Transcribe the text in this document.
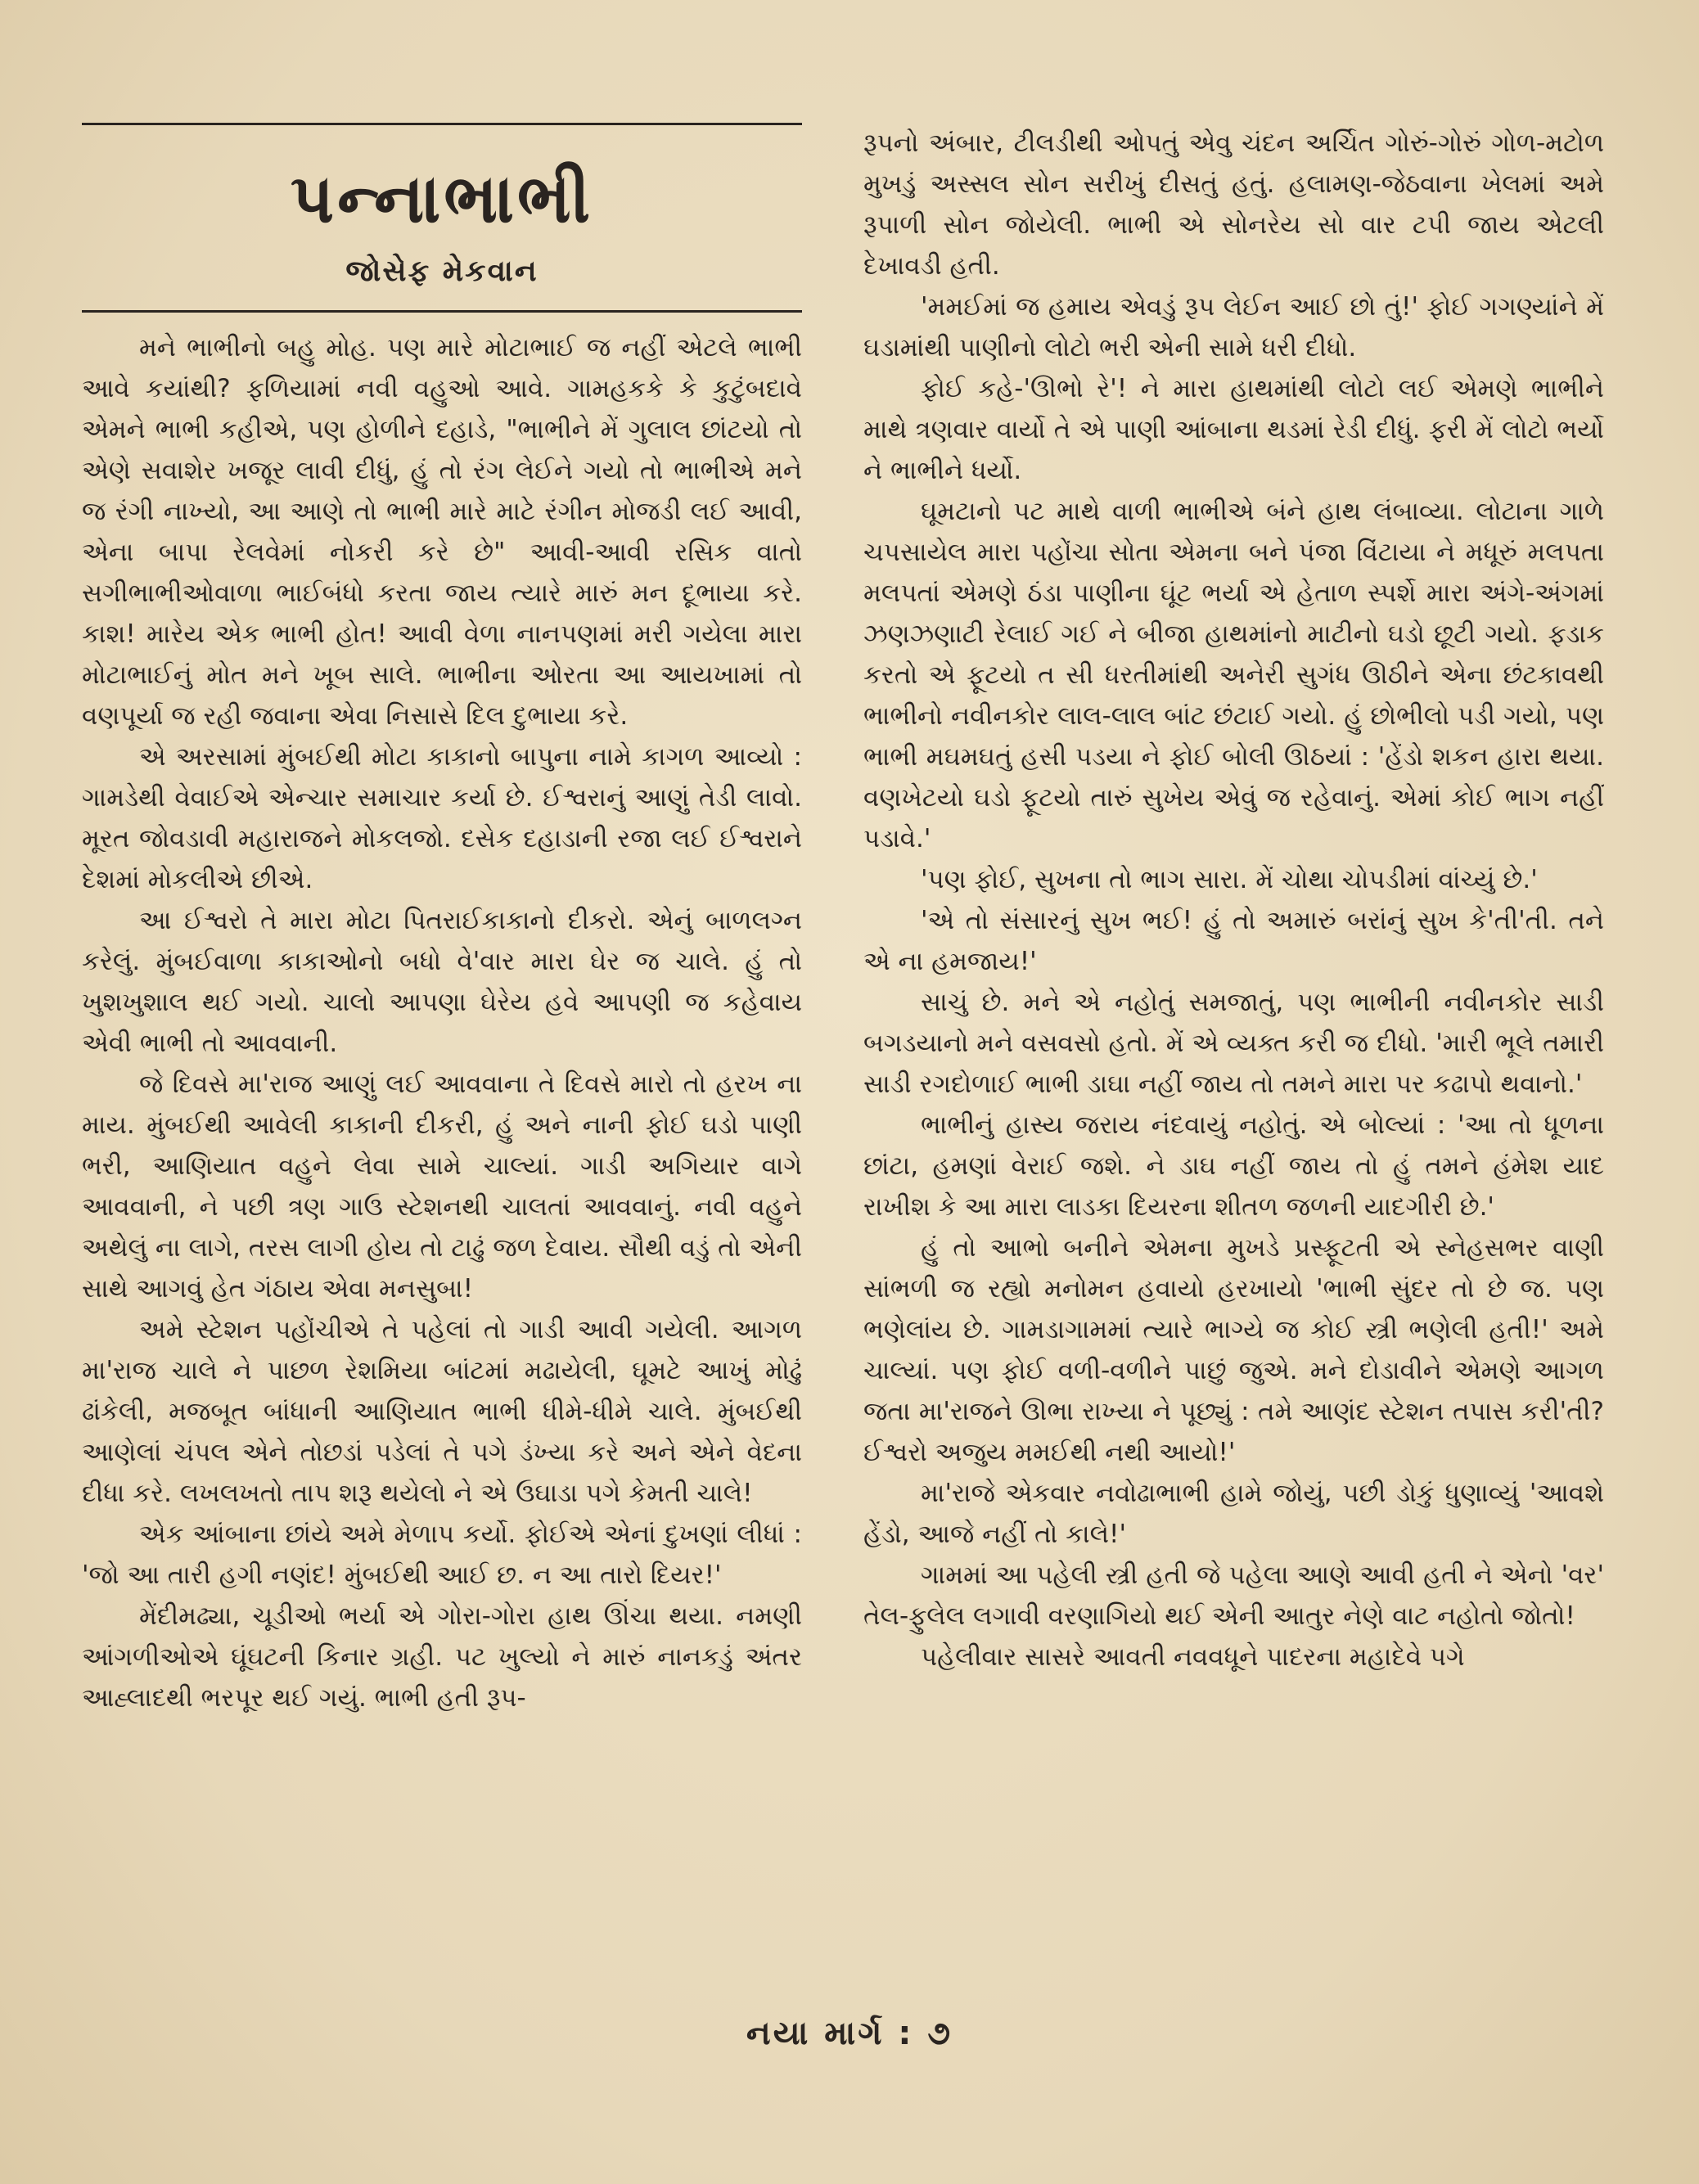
પન્નાભાભી
જોસેફ મેકવાન

મને ભાભીનો બહુ મોહ. પણ મારે મોટાભાઈ જ નહીં એટલે ભાભી આવે કયાંથી? ફળિયામાં નવી વહુઓ આવે. ગામહકકે કે કુટુંબદાવે એમને ભાભી કહીએ, પણ હોળીને દહાડે, "ભાભીને મેં ગુલાલ છાંટયો તો એણે સવાશેર ખજૂર લાવી દીધું, હું તો રંગ લેઈને ગયો તો ભાભીએ મને જ રંગી નાખ્યો, આ આણે તો ભાભી મારે માટે રંગીન મોજડી લઈ આવી, એના બાપા રેલવેમાં નોકરી કરે છે" આવી-આવી રસિક વાતો સગીભાભીઓવાળા ભાઈબંધો કરતા જાય ત્યારે મારું મન દૂભાયા કરે. કાશ! મારેય એક ભાભી હોત! આવી વેળા નાનપણમાં મરી ગયેલા મારા મોટાભાઈનું મોત મને ખૂબ સાલે. ભાભીના ઓરતા આ આયખામાં તો વણપૂર્યા જ રહી જવાના એવા નિસાસે દિલ દુભાયા કરે.

એ અરસામાં મુંબઈથી મોટા કાકાનો બાપુના નામે કાગળ આવ્યો : ગામડેથી વેવાઈએ એન્ચાર સમાચાર કર્યા છે. ઈશ્વરાનું આણું તેડી લાવો. મૂરત જોવડાવી મહારાજને મોકલજો. દસેક દહાડાની રજા લઈ ઈશ્વરાને દેશમાં મોકલીએ છીએ.

આ ઈશ્વરો તે મારા મોટા પિતરાઈકાકાનો દીકરો. એનું બાળલગ્ન કરેલું. મુંબઈવાળા કાકાઓનો બધો વે'વાર મારા ઘેર જ ચાલે. હું તો ખુશખુશાલ થઈ ગયો. ચાલો આપણા ઘેરેય હવે આપણી જ કહેવાય એવી ભાભી તો આવવાની.

જે દિવસે મા'રાજ આણું લઈ આવવાના તે દિવસે મારો તો હરખ ના માય. મુંબઈથી આવેલી કાકાની દીકરી, હું અને નાની ફોઈ ઘડો પાણી ભરી, આણિયાત વહુને લેવા સામે ચાલ્યાં. ગાડી અગિયાર વાગે આવવાની, ને પછી ત્રણ ગાઉ સ્ટેશનથી ચાલતાં આવવાનું. નવી વહુને અથેલું ના લાગે, તરસ લાગી હોય તો ટાઢું જળ દેવાય. સૌથી વડું તો એની સાથે આગવું હેત ગંઠાય એવા મનસુબા!

અમે સ્ટેશન પહોંચીએ તે પહેલાં તો ગાડી આવી ગયેલી. આગળ મા'રાજ ચાલે ને પાછળ રેશમિયા બાંટમાં મઢાયેલી, ઘૂમટે આખું મોઢું ઢાંકેલી, મજબૂત બાંધાની આણિયાત ભાભી ધીમે-ધીમે ચાલે. મુંબઈથી આણેલાં ચંપલ એને તોછડાં પડેલાં તે પગે ડંખ્યા કરે અને એને વેદના દીધા કરે. લખલખતો તાપ શરૂ થયેલો ને એ ઉઘાડા પગે કેમતી ચાલે!

એક આંબાના છાંયે અમે મેળાપ કર્યો. ફોઈએ એનાં દુખણાં લીધાં : 'જો આ તારી હગી નણંદ! મુંબઈથી આઈ છ. ન આ તારો દિયર!'

મેંદીમઢ્યા, ચૂડીઓ ભર્યા એ ગોરા-ગોરા હાથ ઊંચા થયા. નમણી આંગળીઓએ ઘૂંઘટની કિનાર ગ્રહી. પટ ખુલ્યો ને મારું નાનકડું અંતર આહ્લાદથી ભરપૂર થઈ ગયું. ભાભી હતી રૂપ-

રૂપનો અંબાર, ટીલડીથી ઓપતું એવુ ચંદન અર્ચિત ગોરું-ગોરું ગોળ-મટોળ મુખડું અસ્સલ સોન સરીખું દીસતું હતું. હલામણ-જેઠવાના ખેલમાં અમે રૂપાળી સોન જોયેલી. ભાભી એ સોનરેય સો વાર ટપી જાય એટલી દેખાવડી હતી.

'મમઈમાં જ હમાય એવડું રૂપ લેઈન આઈ છો તું!' ફોઈ ગગણ્યાંને મેં ઘડામાંથી પાણીનો લોટો ભરી એની સામે ધરી દીધો.

ફોઈ કહે-'ઊભો રે'! ને મારા હાથમાંથી લોટો લઈ એમણે ભાભીને માથે ત્રણવાર વાર્યો તે એ પાણી આંબાના થડમાં રેડી દીધું. ફરી મેં લોટો ભર્યો ને ભાભીને ધર્યો.

ઘૂમટાનો પટ માથે વાળી ભાભીએ બંને હાથ લંબાવ્યા. લોટાના ગાળે ચપસાયેલ મારા પહોંચા સોતા એમના બને પંજા વિંટાયા ને મધૂરું મલપતા મલપતાં એમણે ઠંડા પાણીના ઘૂંટ ભર્યા એ હેતાળ સ્પર્શે મારા અંગે-અંગમાં ઝણઝણાટી રેલાઈ ગઈ ને બીજા હાથમાંનો માટીનો ઘડો છૂટી ગયો. ફડાક કરતો એ ફૂટયો ત સી ધરતીમાંથી અનેરી સુગંધ ઊઠીને એના છંટકાવથી ભાભીનો નવીનકોર લાલ-લાલ બાંટ છંટાઈ ગયો. હું છોભીલો પડી ગયો, પણ ભાભી મઘમઘતું હસી પડયા ને ફોઈ બોલી ઊઠયાં : 'હેંડો શકન હારા થયા. વણખેટયો ઘડો ફૂટયો તારું સુખેય એવું જ રહેવાનું. એમાં કોઈ ભાગ નહીં પડાવે.'

'પણ ફોઈ, સુખના તો ભાગ સારા. મેં ચોથા ચોપડીમાં વાંચ્યું છે.'

'એ તો સંસારનું સુખ ભઈ! હું તો અમારું બરાંનું સુખ કે'તી'તી. તને એ ના હમજાય!'

સાચું છે. મને એ નહોતું સમજાતું, પણ ભાભીની નવીનકોર સાડી બગડયાનો મને વસવસો હતો. મેં એ વ્યક્ત કરી જ દીધો. 'મારી ભૂલે તમારી સાડી રગદોળાઈ ભાભી ડાઘા નહીં જાય તો તમને મારા પર કઢાપો થવાનો.'

ભાભીનું હાસ્ય જરાય નંદવાયું નહોતું. એ બોલ્યાં : 'આ તો ધૂળના છાંટા, હમણાં વેરાઈ જશે. ને ડાઘ નહીં જાય તો હું તમને હંમેશ યાદ રાખીશ કે આ મારા લાડકા દિયરના શીતળ જળની યાદગીરી છે.'

હું તો આભો બનીને એમના મુખડે પ્રસ્ફૂટતી એ સ્નેહસભર વાણી સાંભળી જ રહ્યો મનોમન હવાયો હરખાયો 'ભાભી સુંદર તો છે જ. પણ ભણેલાંય છે. ગામડાગામમાં ત્યારે ભાગ્યે જ કોઈ સ્ત્રી ભણેલી હતી!' અમે ચાલ્યાં. પણ ફોઈ વળી-વળીને પાછું જુએ. મને દોડાવીને એમણે આગળ જતા મા'રાજને ઊભા રાખ્યા ને પૂછ્યું : તમે આણંદ સ્ટેશન તપાસ કરી'તી? ઈશ્વરો અજુય મમઈથી નથી આયો!'

મા'રાજે એકવાર નવોઢાભાભી હામે જોયું, પછી ડોકું ધુણાવ્યું 'આવશે હેંડો, આજે નહીં તો કાલે!'

ગામમાં આ પહેલી સ્ત્રી હતી જે પહેલા આણે આવી હતી ને એનો 'વર' તેલ-ફુલેલ લગાવી વરણાગિયો થઈ એની આતુર નેણે વાટ નહોતો જોતો!

પહેલીવાર સાસરે આવતી નવવધૂને પાદરના મહાદેવે પગે

નયા માર્ગ : ૭
